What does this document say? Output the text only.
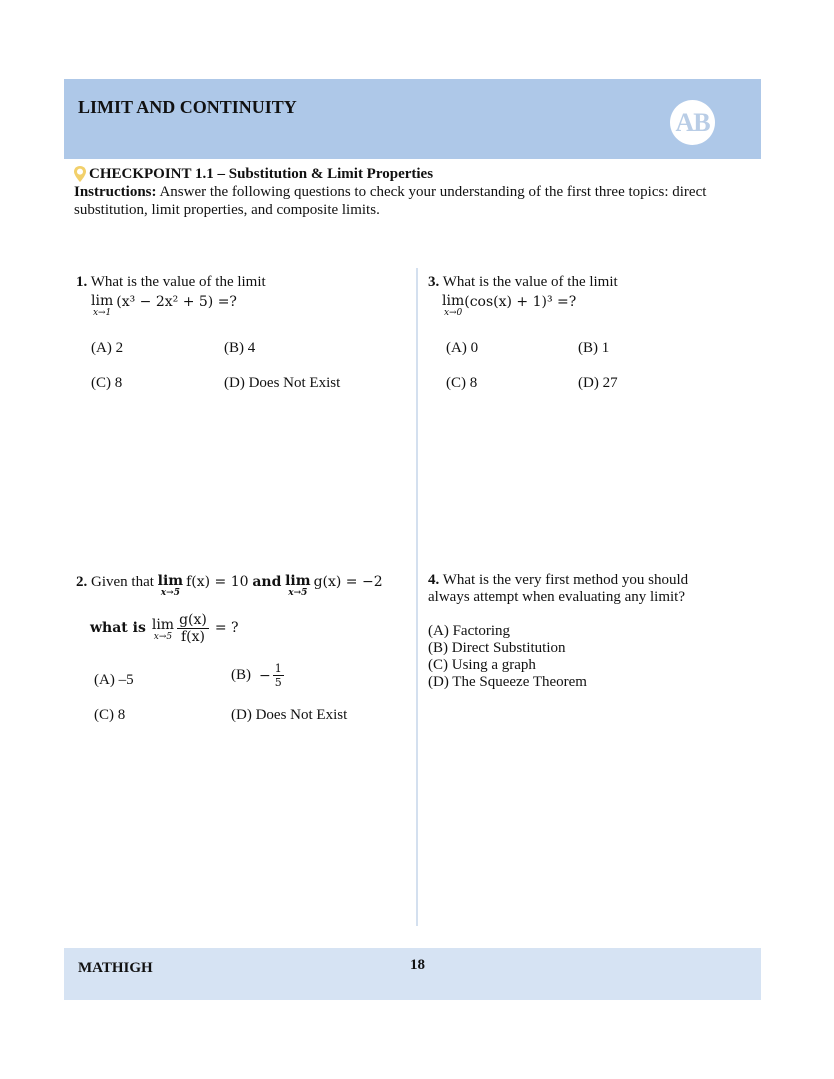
LIMIT AND CONTINUITY
AB
CHECKPOINT 1.1 – Substitution & Limit Properties
Instructions: Answer the following questions to check your understanding of the first three topics: direct substitution, limit properties, and composite limits.
1. What is the value of the limit
lim
x→1
(x³ − 2x² + 5) =?
(A) 2	(B) 4
(C) 8	(D) Does Not Exist
3. What is the value of the limit
lim
x→0
(cos(x) + 1)³ =?
(A) 0	(B) 1
(C) 8	(D) 27
2. Given that lim
x→5
f(x) = 10 and lim
x→5
g(x) = −2
what is lim
$x\to 5 \frac{g(x)}{f(x)}$ = ?
(A) –5	$(B) - \frac{1}{5}$
(C) 8	(D) Does Not Exist
4. What is the very first method you should always attempt when evaluating any limit?
(A) Factoring
(B) Direct Substitution
(C) Using a graph
(D) The Squeeze Theorem
MATHIGH	18
